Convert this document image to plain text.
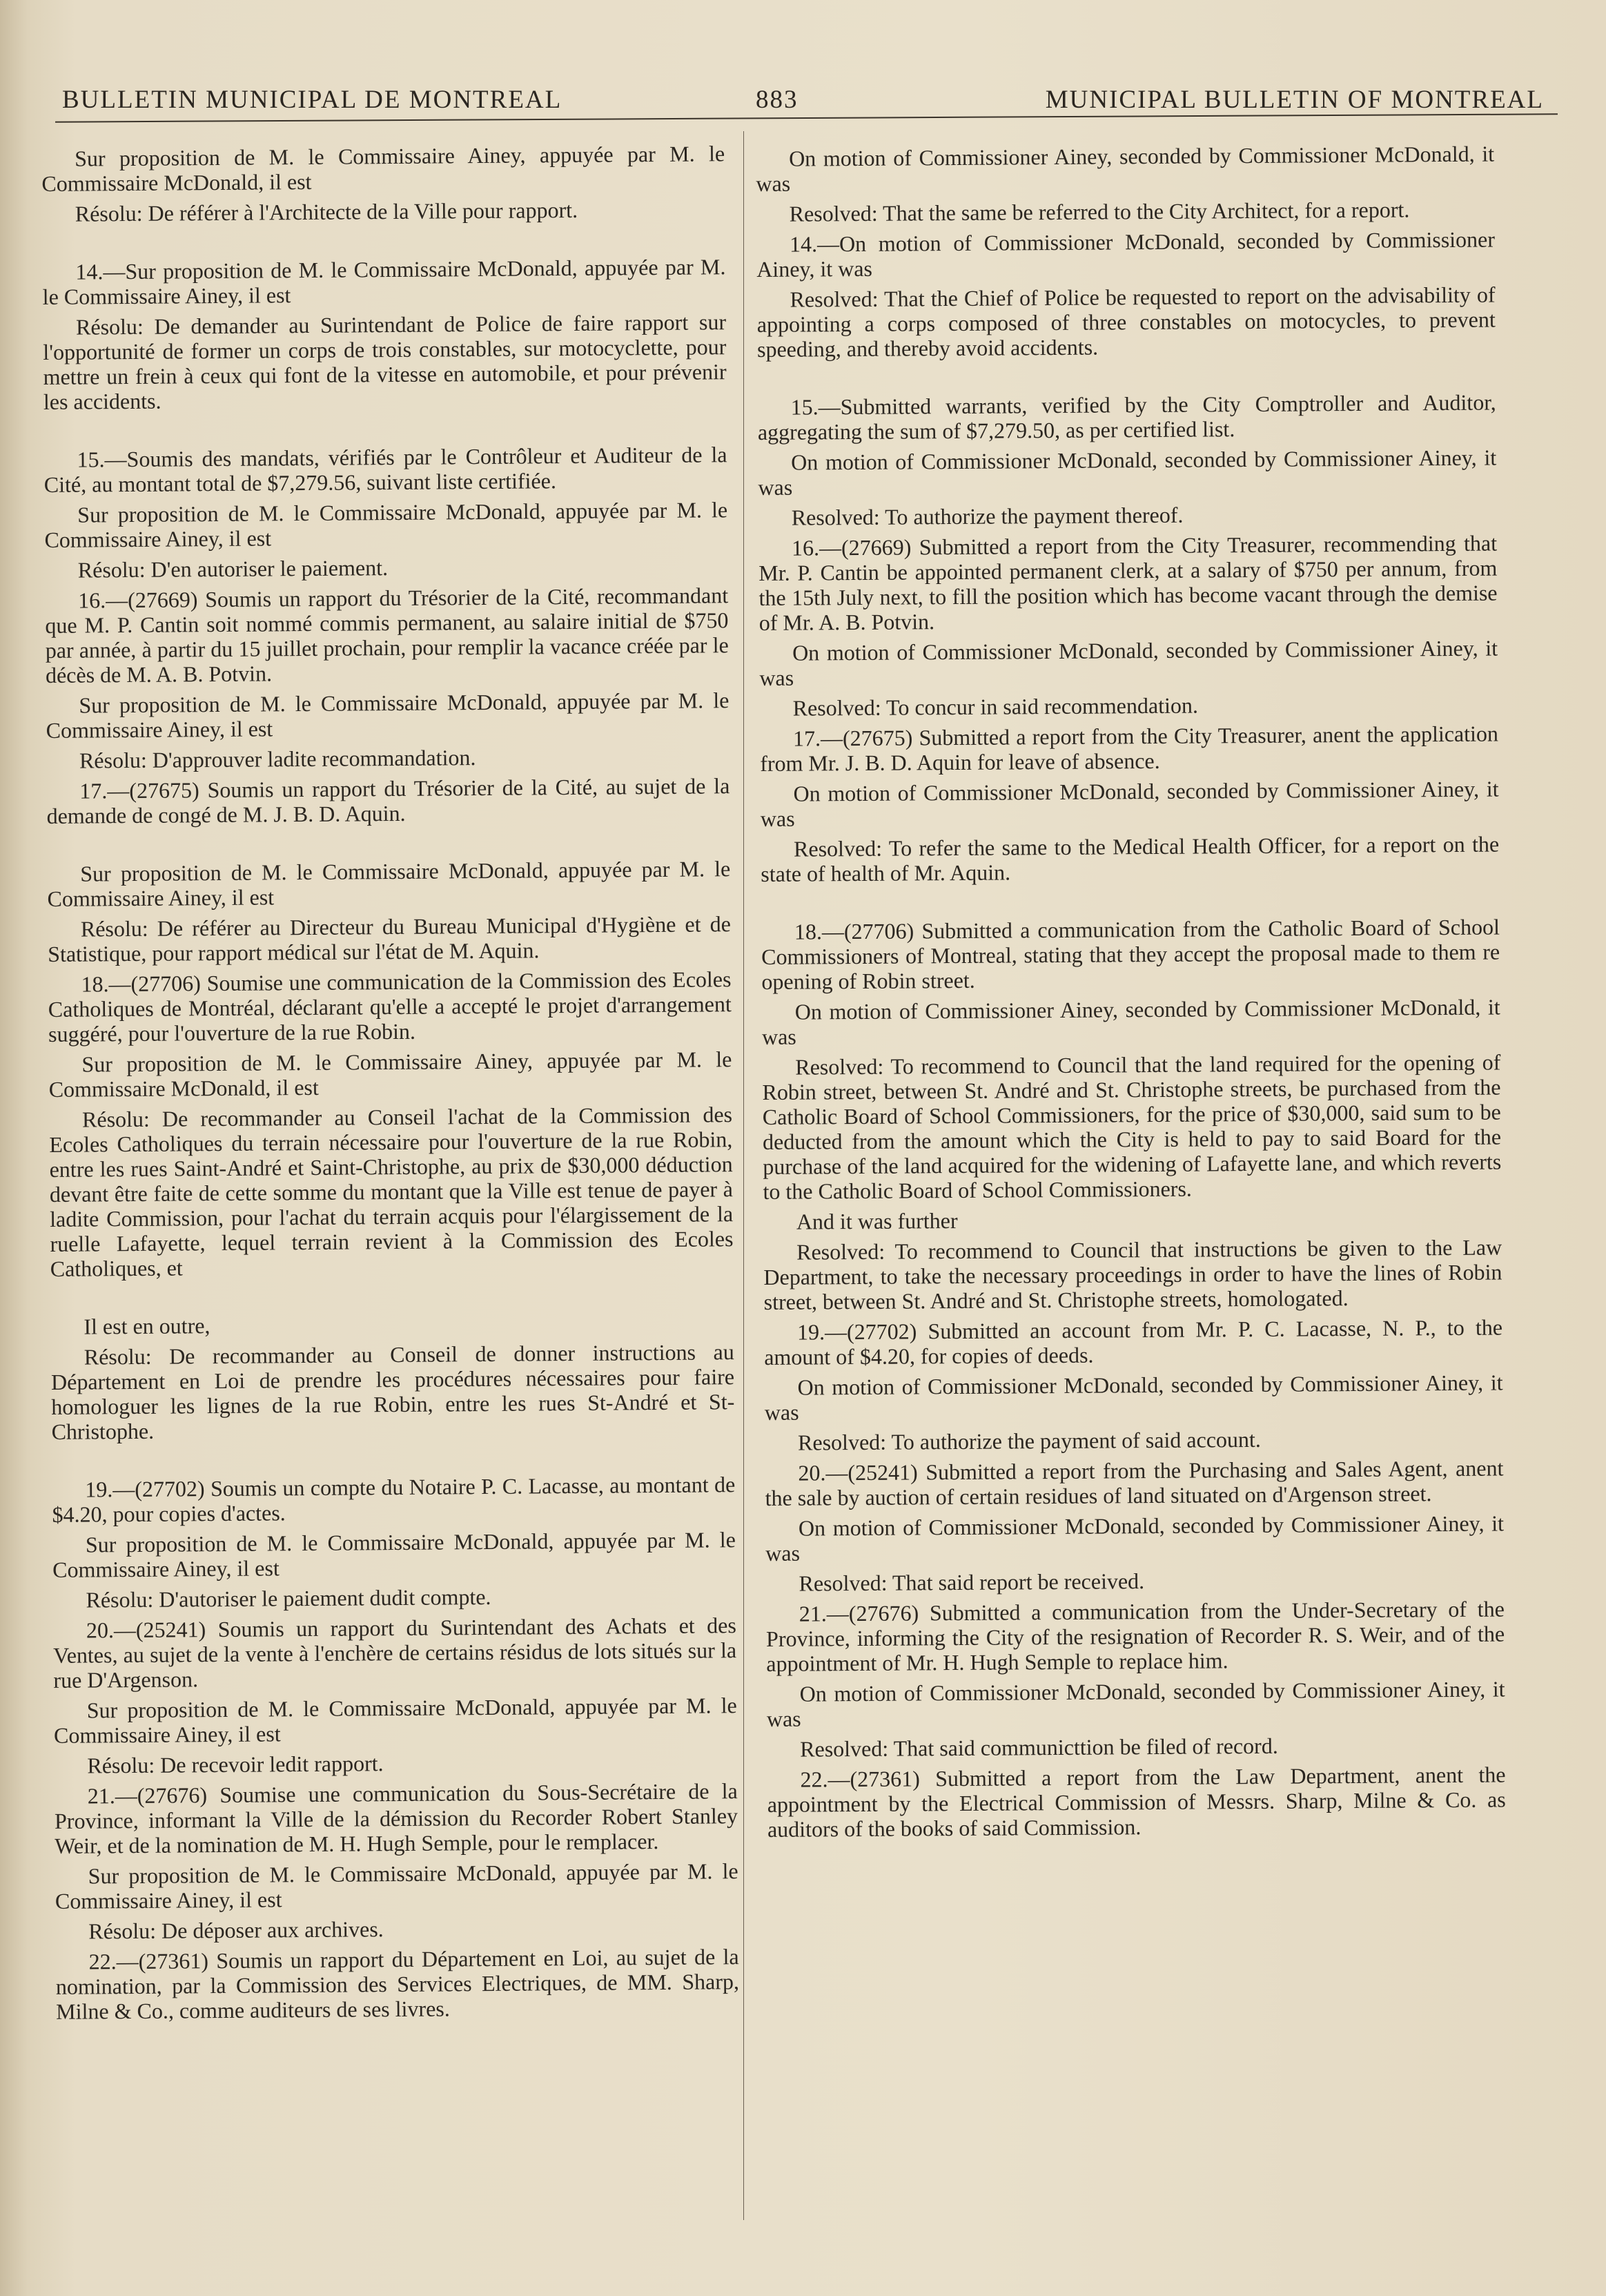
BULLETIN MUNICIPAL DE MONTREAL	883	MUNICIPAL BULLETIN OF MONTREAL

Sur proposition de M. le Commissaire Ainey, appuyée par M. le Commissaire McDonald, il est

Résolu: De référer à l'Architecte de la Ville pour rapport.

14.—Sur proposition de M. le Commissaire McDonald, appuyée par M. le Commissaire Ainey, il est

Résolu: De demander au Surintendant de Police de faire rapport sur l'opportunité de former un corps de trois constables, sur motocyclette, pour mettre un frein à ceux qui font de la vitesse en automobile, et pour prévenir les accidents.

15.—Soumis des mandats, vérifiés par le Contrôleur et Auditeur de la Cité, au montant total de $7,279.56, suivant liste certifiée.

Sur proposition de M. le Commissaire McDonald, appuyée par M. le Commissaire Ainey, il est

Résolu: D'en autoriser le paiement.

16.—(27669) Soumis un rapport du Trésorier de la Cité, recommandant que M. P. Cantin soit nommé commis permanent, au salaire initial de $750 par année, à partir du 15 juillet prochain, pour remplir la vacance créée par le décès de M. A. B. Potvin.

Sur proposition de M. le Commissaire McDonald, appuyée par M. le Commissaire Ainey, il est

Résolu: D'approuver ladite recommandation.

17.—(27675) Soumis un rapport du Trésorier de la Cité, au sujet de la demande de congé de M. J. B. D. Aquin.

Sur proposition de M. le Commissaire McDonald, appuyée par M. le Commissaire Ainey, il est

Résolu: De référer au Directeur du Bureau Municipal d'Hygiène et de Statistique, pour rapport médical sur l'état de M. Aquin.

18.—(27706) Soumise une communication de la Commission des Ecoles Catholiques de Montréal, déclarant qu'elle a accepté le projet d'arrangement suggéré, pour l'ouverture de la rue Robin.

Sur proposition de M. le Commissaire Ainey, appuyée par M. le Commissaire McDonald, il est

Résolu: De recommander au Conseil l'achat de la Commission des Ecoles Catholiques du terrain nécessaire pour l'ouverture de la rue Robin, entre les rues Saint-André et Saint-Christophe, au prix de $30,000 déduction devant être faite de cette somme du montant que la Ville est tenue de payer à ladite Commission, pour l'achat du terrain acquis pour l'élargissement de la ruelle Lafayette, lequel terrain revient à la Commission des Ecoles Catholiques, et

Il est en outre,

Résolu: De recommander au Conseil de donner instructions au Département en Loi de prendre les procédures nécessaires pour faire homologuer les lignes de la rue Robin, entre les rues St-André et St-Christophe.

19.—(27702) Soumis un compte du Notaire P. C. Lacasse, au montant de $4.20, pour copies d'actes.

Sur proposition de M. le Commissaire McDonald, appuyée par M. le Commissaire Ainey, il est

Résolu: D'autoriser le paiement dudit compte.

20.—(25241) Soumis un rapport du Surintendant des Achats et des Ventes, au sujet de la vente à l'enchère de certains résidus de lots situés sur la rue D'Argenson.

Sur proposition de M. le Commissaire McDonald, appuyée par M. le Commissaire Ainey, il est

Résolu: De recevoir ledit rapport.

21.—(27676) Soumise une communication du Sous-Secrétaire de la Province, informant la Ville de la démission du Recorder Robert Stanley Weir, et de la nomination de M. H. Hugh Semple, pour le remplacer.

Sur proposition de M. le Commissaire McDonald, appuyée par M. le Commissaire Ainey, il est

Résolu: De déposer aux archives.

22.—(27361) Soumis un rapport du Département en Loi, au sujet de la nomination, par la Commission des Services Electriques, de MM. Sharp, Milne & Co., comme auditeurs de ses livres.

On motion of Commissioner Ainey, seconded by Commissioner McDonald, it was

Resolved: That the same be referred to the City Architect, for a report.

14.—On motion of Commissioner McDonald, seconded by Commissioner Ainey, it was

Resolved: That the Chief of Police be requested to report on the advisability of appointing a corps composed of three constables on motocycles, to prevent speeding, and thereby avoid accidents.

15.—Submitted warrants, verified by the City Comptroller and Auditor, aggregating the sum of $7,279.50, as per certified list.

On motion of Commissioner McDonald, seconded by Commissioner Ainey, it was

Resolved: To authorize the payment thereof.

16.—(27669) Submitted a report from the City Treasurer, recommending that Mr. P. Cantin be appointed permanent clerk, at a salary of $750 per annum, from the 15th July next, to fill the position which has become vacant through the demise of Mr. A. B. Potvin.

On motion of Commissioner McDonald, seconded by Commissioner Ainey, it was

Resolved: To concur in said recommendation.

17.—(27675) Submitted a report from the City Treasurer, anent the application from Mr. J. B. D. Aquin for leave of absence.

On motion of Commissioner McDonald, seconded by Commissioner Ainey, it was

Resolved: To refer the same to the Medical Health Officer, for a report on the state of health of Mr. Aquin.

18.—(27706) Submitted a communication from the Catholic Board of School Commissioners of Montreal, stating that they accept the proposal made to them re opening of Robin street.

On motion of Commissioner Ainey, seconded by Commissioner McDonald, it was

Resolved: To recommend to Council that the land required for the opening of Robin street, between St. André and St. Christophe streets, be purchased from the Catholic Board of School Commissioners, for the price of $30,000, said sum to be deducted from the amount which the City is held to pay to said Board for the purchase of the land acquired for the widening of Lafayette lane, and which reverts to the Catholic Board of School Commissioners.

And it was further

Resolved: To recommend to Council that instructions be given to the Law Department, to take the necessary proceedings in order to have the lines of Robin street, between St. André and St. Christophe streets, homologated.

19.—(27702) Submitted an account from Mr. P. C. Lacasse, N. P., to the amount of $4.20, for copies of deeds.

On motion of Commissioner McDonald, seconded by Commissioner Ainey, it was

Resolved: To authorize the payment of said account.

20.—(25241) Submitted a report from the Purchasing and Sales Agent, anent the sale by auction of certain residues of land situated on d'Argenson street.

On motion of Commissioner McDonald, seconded by Commissioner Ainey, it was

Resolved: That said report be received.

21.—(27676) Submitted a communication from the Under-Secretary of the Province, informing the City of the resignation of Recorder R. S. Weir, and of the appointment of Mr. H. Hugh Semple to replace him.

On motion of Commissioner McDonald, seconded by Commissioner Ainey, it was

Resolved: That said communicttion be filed of record.

22.—(27361) Submitted a report from the Law Department, anent the appointment by the Electrical Commission of Messrs. Sharp, Milne & Co. as auditors of the books of said Commission.
